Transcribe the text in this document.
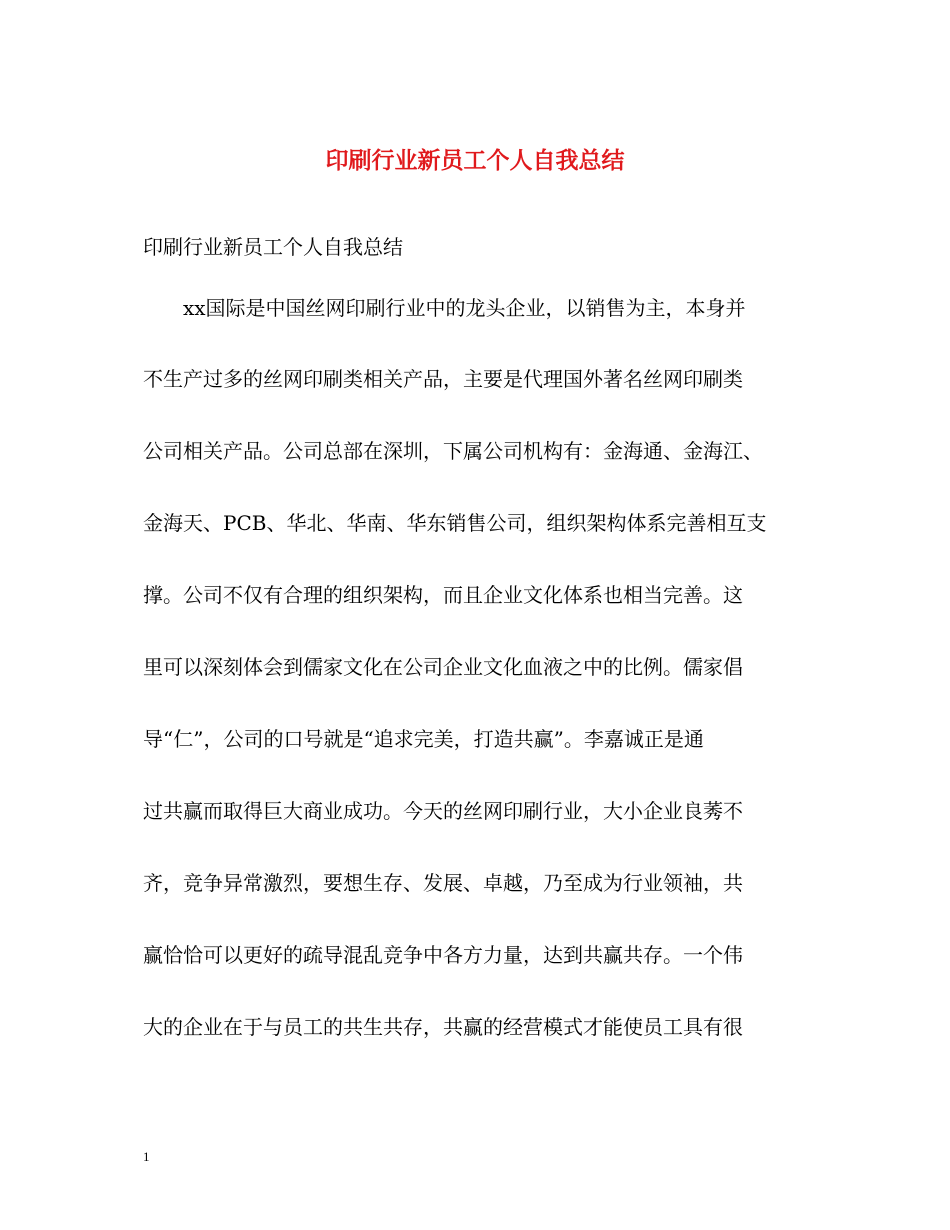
印刷行业新员工个人自我总结
印刷行业新员工个人自我总结
xx国际是中国丝网印刷行业中的龙头企业，以销售为主，本身并
不生产过多的丝网印刷类相关产品，主要是代理国外著名丝网印刷类
公司相关产品。公司总部在深圳，下属公司机构有：金海通、金海江、
金海天、PCB、华北、华南、华东销售公司，组织架构体系完善相互支
撑。公司不仅有合理的组织架构，而且企业文化体系也相当完善。这
里可以深刻体会到儒家文化在公司企业文化血液之中的比例。儒家倡
导“仁”，公司的口号就是“追求完美，打造共赢”。李嘉诚正是通
过共赢而取得巨大商业成功。今天的丝网印刷行业，大小企业良莠不
齐，竞争异常激烈，要想生存、发展、卓越，乃至成为行业领袖，共
赢恰恰可以更好的疏导混乱竞争中各方力量，达到共赢共存。一个伟
大的企业在于与员工的共生共存，共赢的经营模式才能使员工具有很
1
